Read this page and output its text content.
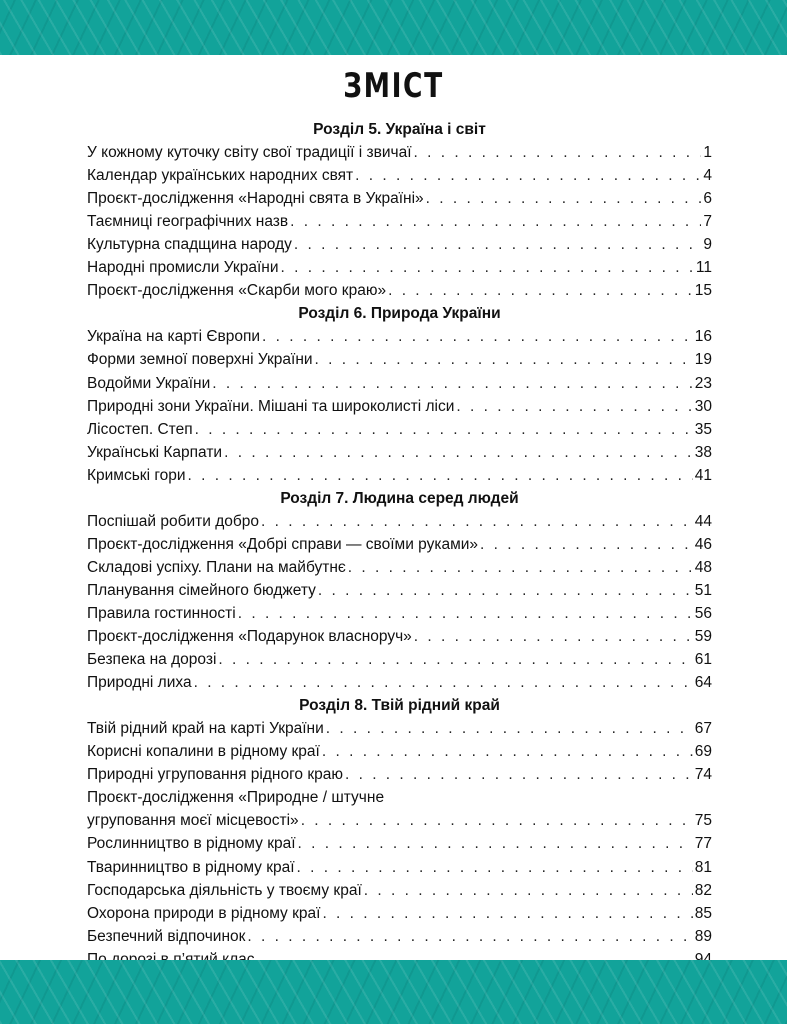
ЗМІСТ
Розділ 5. Україна і світ
У кожному куточку світу свої традиції і звичаї . . .	1
Календар українських народних свят . . .	4
Проєкт-дослідження «Народні свята в Україні» . . .	6
Таємниці географічних назв . . .	7
Культурна спадщина народу . . .	9
Народні промисли України . . .	11
Проєкт-дослідження «Скарби мого краю» . . .	15
Розділ 6. Природа України
Україна на карті Європи . . .	16
Форми земної поверхні України . . .	19
Водойми України . . .	23
Природні зони України. Мішані та широколисті ліси . . .	30
Лісостеп. Степ . . .	35
Українські Карпати . . .	38
Кримські гори . . .	41
Розділ 7. Людина серед людей
Поспішай робити добро . . .	44
Проєкт-дослідження «Добрі справи — своїми руками» . . .	46
Складові успіху. Плани на майбутнє . . .	48
Планування сімейного бюджету . . .	51
Правила гостинності . . .	56
Проєкт-дослідження «Подарунок власноруч» . . .	59
Безпека на дорозі . . .	61
Природні лиха . . .	64
Розділ 8. Твій рідний край
Твій рідний край на карті України . . .	67
Корисні копалини в рідному краї . . .	69
Природні угруповання рідного краю . . .	74
Проєкт-дослідження «Природне / штучне
угруповання моєї місцевості» . . .	75
Рослинництво в рідному краї . . .	77
Тваринництво в рідному краї . . .	81
Господарська діяльність у твоєму краї . . .	82
Охорона природи в рідному краї . . .	85
Безпечний відпочинок . . .	89
. . .
